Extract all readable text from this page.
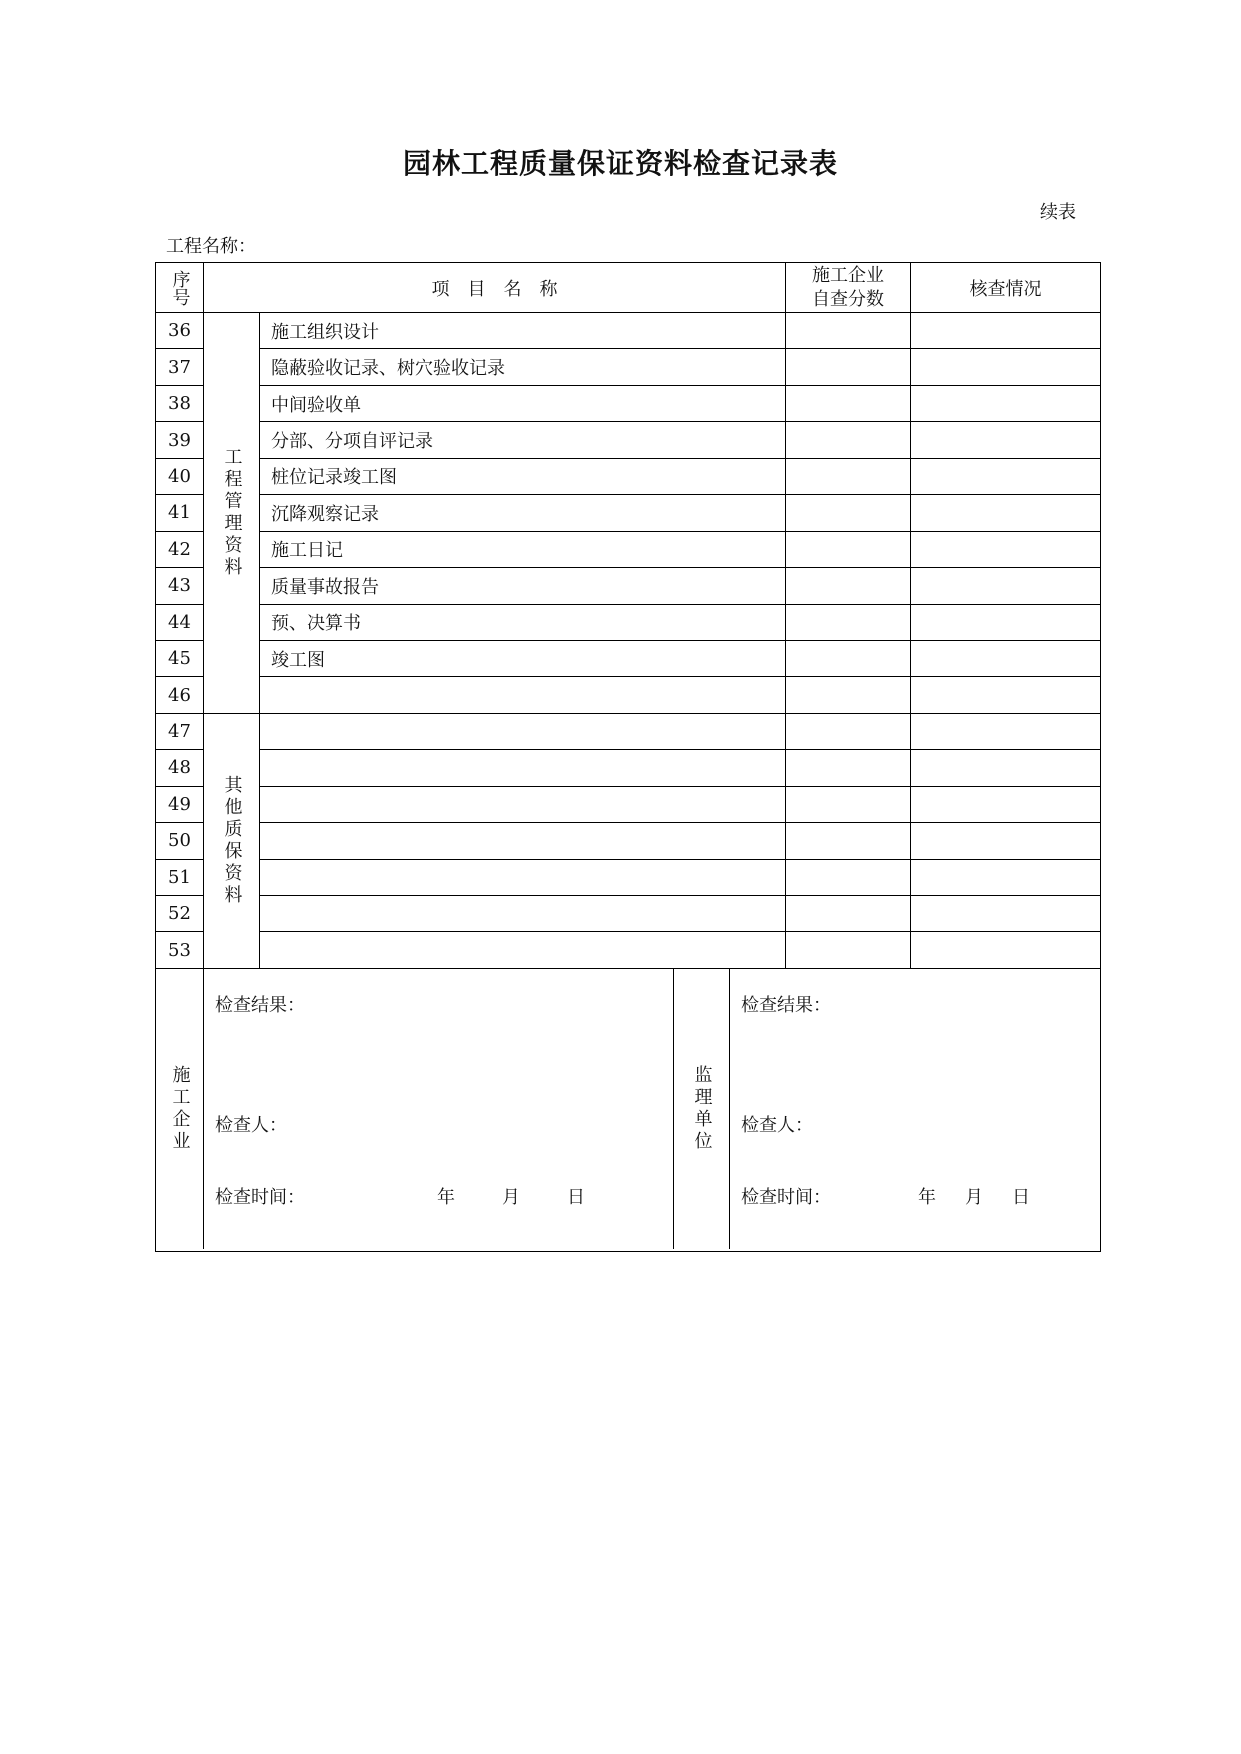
园林工程质量保证资料检查记录表
续表
工程名称：
序号	项　目　名　称
施工企业
自查分数	核查情况
工程管理资料
其他质保资料
36	施工组织设计
37	隐蔽验收记录、树穴验收记录
38	中间验收单
39	分部、分项自评记录
40	桩位记录竣工图
41	沉降观察记录
42	施工日记
43	质量事故报告
44	预、决算书
45	竣工图
46
47
48
49
50
51
52
53
施工企业
检查结果：
检查人：
检查时间：	年	月	日
监理单位
检查结果：
检查人：
检查时间：	年 月 日
